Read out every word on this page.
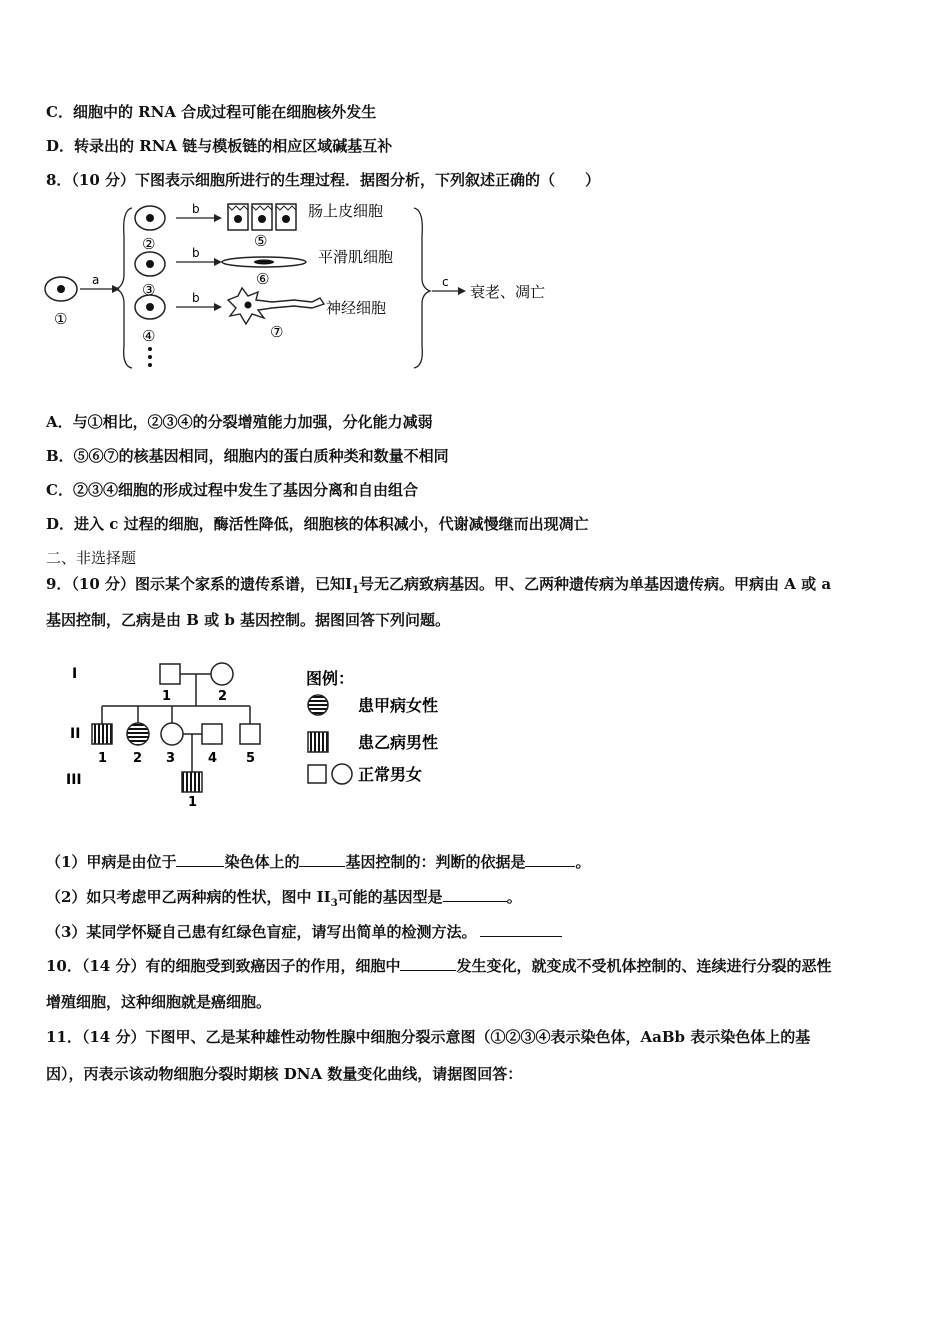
C．细胞中的 RNA 合成过程可能在细胞核外发生
D．转录出的 RNA 链与模板链的相应区域碱基互补
8．（10 分）下图表示细胞所进行的生理过程．据图分析，下列叙述正确的（　　）
①
a
②
③
④
b
b
b
⑤
肠上皮细胞
⑥
平滑肌细胞
⑦
神经细胞
c
衰老、凋亡
A．与①相比，②③④的分裂增殖能力加强，分化能力减弱
B．⑤⑥⑦的核基因相同，细胞内的蛋白质种类和数量不相同
C．②③④细胞的形成过程中发生了基因分离和自由组合
D．进入 c 过程的细胞，酶活性降低，细胞核的体积减小，代谢减慢继而出现凋亡
二、非选择题
9．（10 分）图示某个家系的遗传系谱，已知$Ⅰ_1$号无乙病致病基因。甲、乙两种遗传病为单基因遗传病。甲病由 A 或 a
基因控制，乙病是由 B 或 b 基因控制。据图回答下列问题。
I
II
III
1	2
1 2 3	4 5
1
图例：
患甲病女性
患乙病男性
正常男女
（1）甲病是由位于	染色体上的	基因控制的：判断的依据是	。
（2）如只考虑甲乙两种病的性状，图中 $II_3$可能的基因型是	。
（3）某同学怀疑自己患有红绿色盲症，请写出简单的检测方法。
10．（14 分）有的细胞受到致癌因子的作用，细胞中	发生变化，就变成不受机体控制的、连续进行分裂的恶性
增殖细胞，这种细胞就是癌细胞。
11．（14 分）下图甲、乙是某种雄性动物性腺中细胞分裂示意图（①②③④表示染色体，AaBb 表示染色体上的基
因），丙表示该动物细胞分裂时期核 DNA 数量变化曲线，请据图回答：
